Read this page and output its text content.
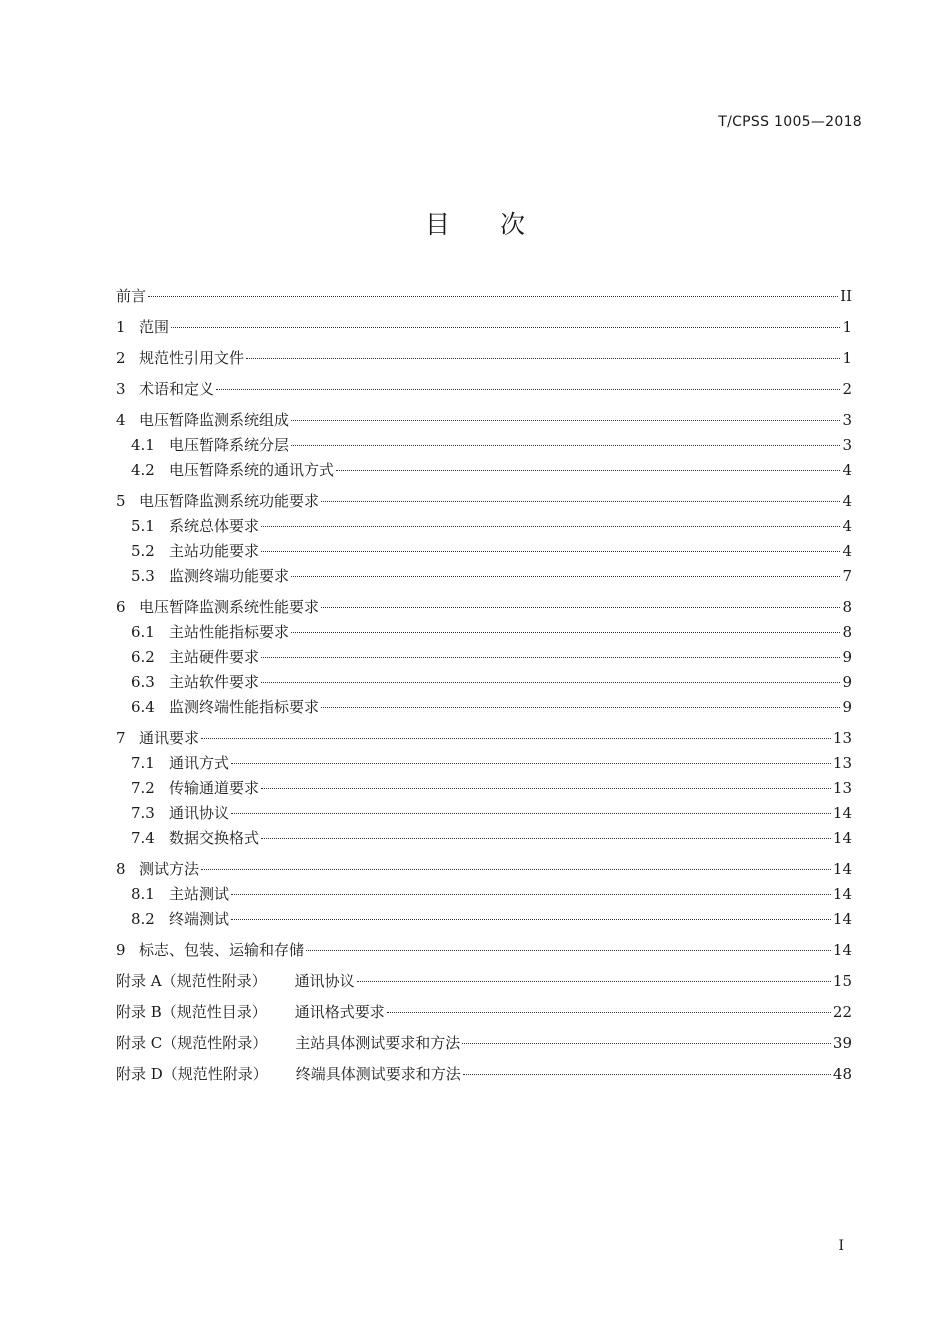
T/CPSS 1005—2018
目次
前言	II
1 范围	1
2 规范性引用文件	1
3 术语和定义	2
4 电压暂降监测系统组成	3
4.1 电压暂降系统分层	3
4.2 电压暂降系统的通讯方式	4
5 电压暂降监测系统功能要求	4
5.1 系统总体要求	4
5.2 主站功能要求	4
5.3 监测终端功能要求	7
6 电压暂降监测系统性能要求	8
6.1 主站性能指标要求	8
6.2 主站硬件要求	9
6.3 主站软件要求	9
6.4 监测终端性能指标要求	9
7 通讯要求	13
7.1 通讯方式	13
7.2 传输通道要求	13
7.3 通讯协议	14
7.4 数据交换格式	14
8 测试方法	14
8.1 主站测试	14
8.2 终端测试	14
9 标志、包装、运输和存储	14
附录 A（规范性附录） 通讯协议	15
附录 B（规范性目录） 通讯格式要求	22
附录 C（规范性附录） 主站具体测试要求和方法	39
附录 D（规范性附录） 终端具体测试要求和方法	48
I
